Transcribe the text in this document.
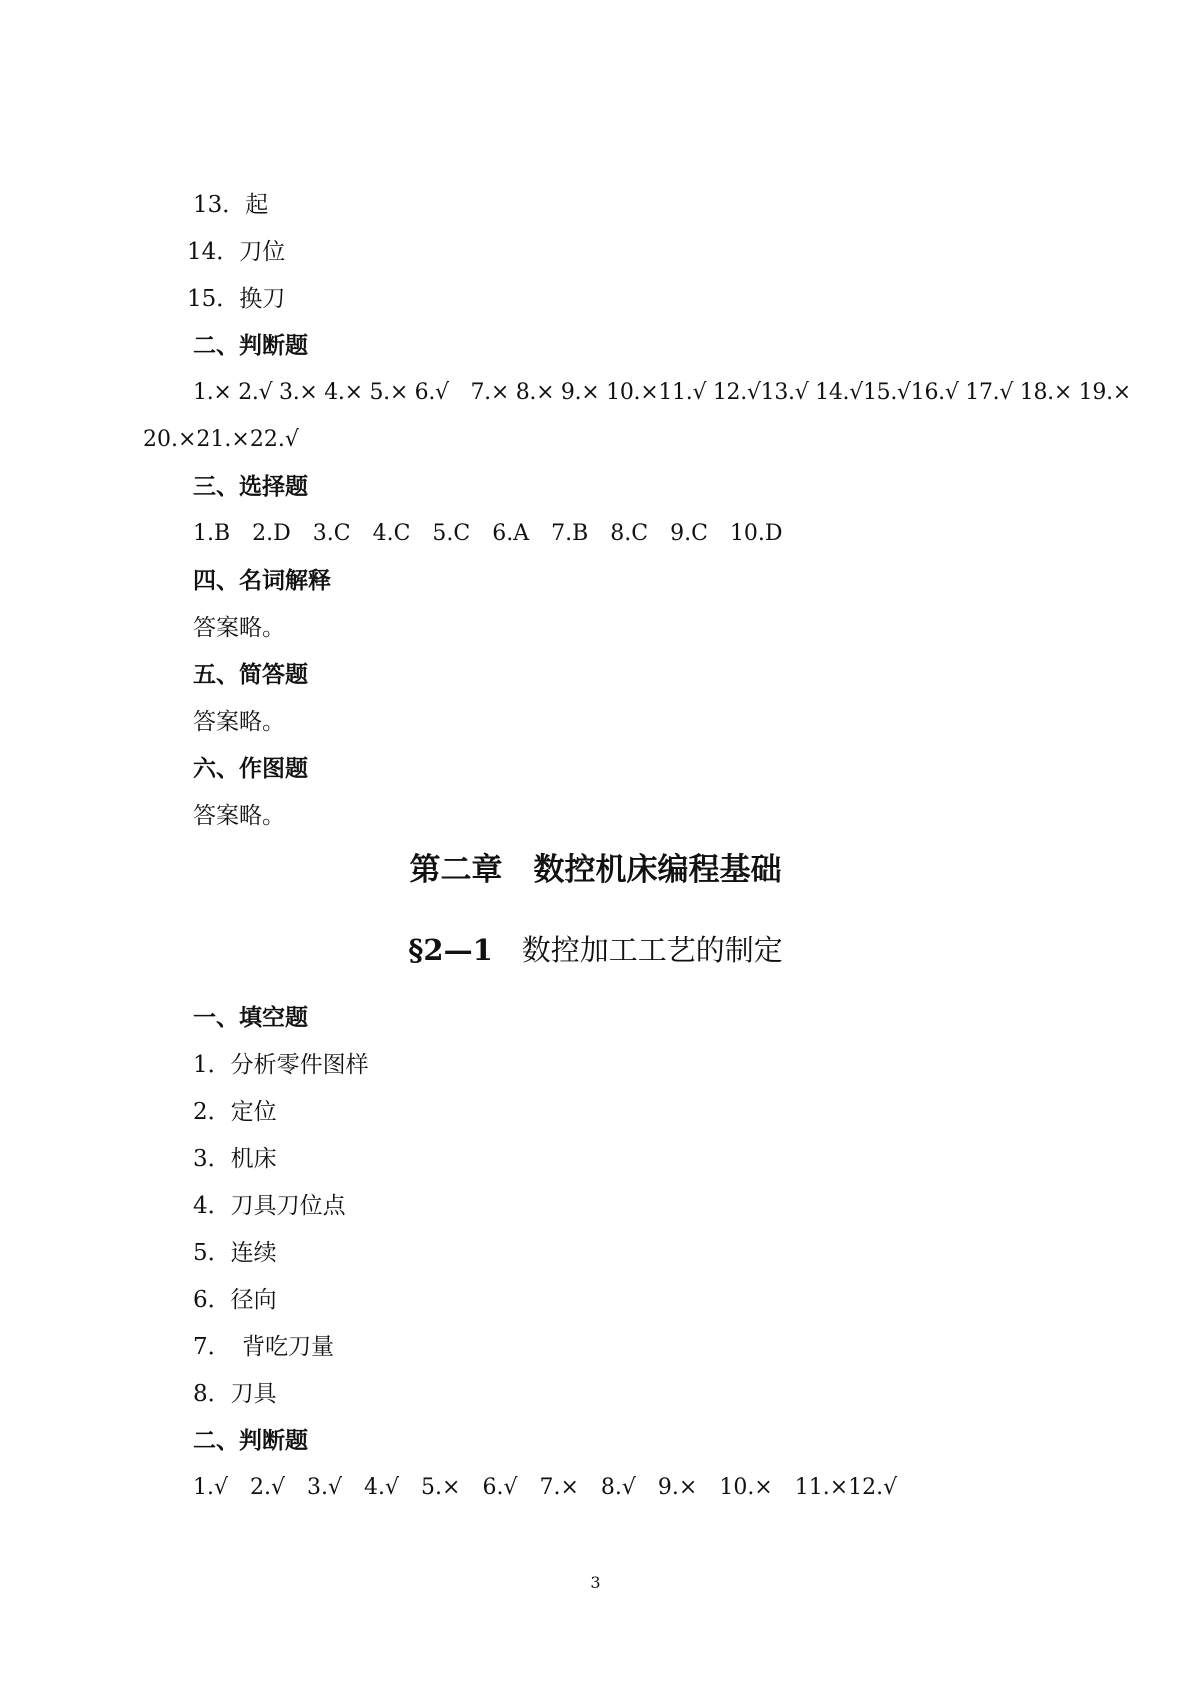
13．起
14．刀位
15．换刀
二、判断题
1.× 2.√ 3.× 4.× 5.× 6.√　7.× 8.× 9.× 10.×11.√ 12.√13.√ 14.√15.√16.√ 17.√ 18.× 19.×
20.×21.×22.√
三、选择题
1.B　2.D　3.C　4.C　5.C　6.A　7.B　8.C　9.C　10.D
四、名词解释
答案略。
五、简答题
答案略。
六、作图题
答案略。
第二章　数控机床编程基础
§2—1　 数控加工工艺的制定
一、填空题
1．分析零件图样
2．定位
3．机床
4．刀具刀位点
5．连续
6．径向
7．　背吃刀量
8．刀具
二、判断题
1.√　2.√　3.√　4.√　5.×　6.√　7.×　8.√　9.×　10.×　11.×12.√
3
